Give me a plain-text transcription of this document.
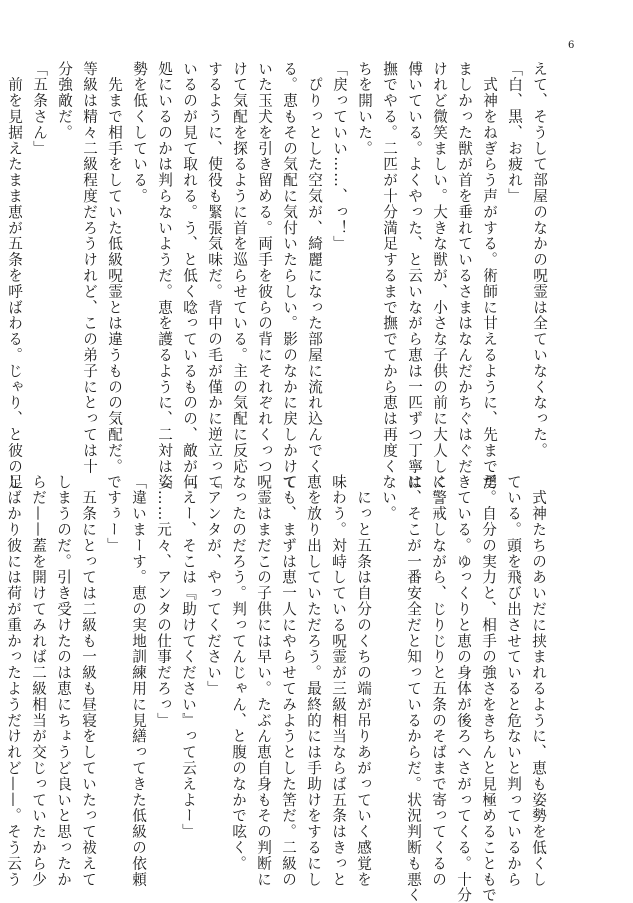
6
えて、そうして部屋のなかの呪霊は全ていなくなった。
「白、黒、お疲れ」
　式神をねぎらう声がする。術師に甘えるように、先まで勇
ましかった獣が首を垂れているさまはなんだかちぐはぐだ
けれど微笑ましい。大きな獣が、小さな子供の前に大人しく
傅いている。よくやった、と云いながら恵は一匹ずつ丁寧に
撫でやる。二匹が十分満足するまで撫でてから恵は再度く
ちを開いた。
「戻っていい……、っ！」
　ぴりっとした空気が、綺麗になった部屋に流れ込んでく
る。恵もその気配に気付いたらしい。影のなかに戻しかけて
いた玉犬を引き留める。両手を彼らの背にそれぞれくっつ
けて気配を探るように首を巡らせている。主の気配に反応
するように、使役も緊張気味だ。背中の毛が僅かに逆立って
いるのが見て取れる。う、と低く唸っているものの、敵が何
処にいるのかは判らないようだ。恵を護るように、二対は姿
勢を低くしている。
　先まで相手をしていた低級呪霊とは違うものの気配だ。
等級は精々二級程度だろうけれど、この弟子にとっては十
分強敵だ。
「五条さん」
　前を見据えたまま恵が五条を呼ばわる。じゃり、と彼の足
　式神たちのあいだに挟まれるように、恵も姿勢を低くし
ている。頭を飛び出させていると危ないと判っているから
だ。自分の実力と、相手の強さをきちんと見極めることもで
きている。ゆっくりと恵の身体が後ろへさがってくる。十分
に警戒しながら、じりじりと五条のそばまで寄ってくるの
は、そこが一番安全だと知っているからだ。状況判断も悪く
ない。
　にっと五条は自分のくちの端が吊りあがっていく感覚を
味わう。対峙している呪霊が三級相当ならば五条はきっと
恵を放り出していただろう。最終的には手助けをするにし
ても、まずは恵一人にやらせてみようとした筈だ。二級の
呪霊はまだこの子供には早い。たぶん恵自身もその判断に
なったのだろう。判ってんじゃん、と腹のなかで呟く。
「アンタが、やってください」
「えー、そこは『助けてください』って云えよー」
「……元々、アンタの仕事だろっ」
「違いまーす。恵の実地訓練用に見繕ってきた低級の依頼
ですぅー」
　五条にとっては二級も一級も昼寝をしていたって祓えて
しまうのだ。引き受けたのは恵にちょうど良いと思ったか
らだ——蓋を開けてみれば二級相当が交じっていたから少
しばかり彼には荷が重かったようだけれど——。そう云う
